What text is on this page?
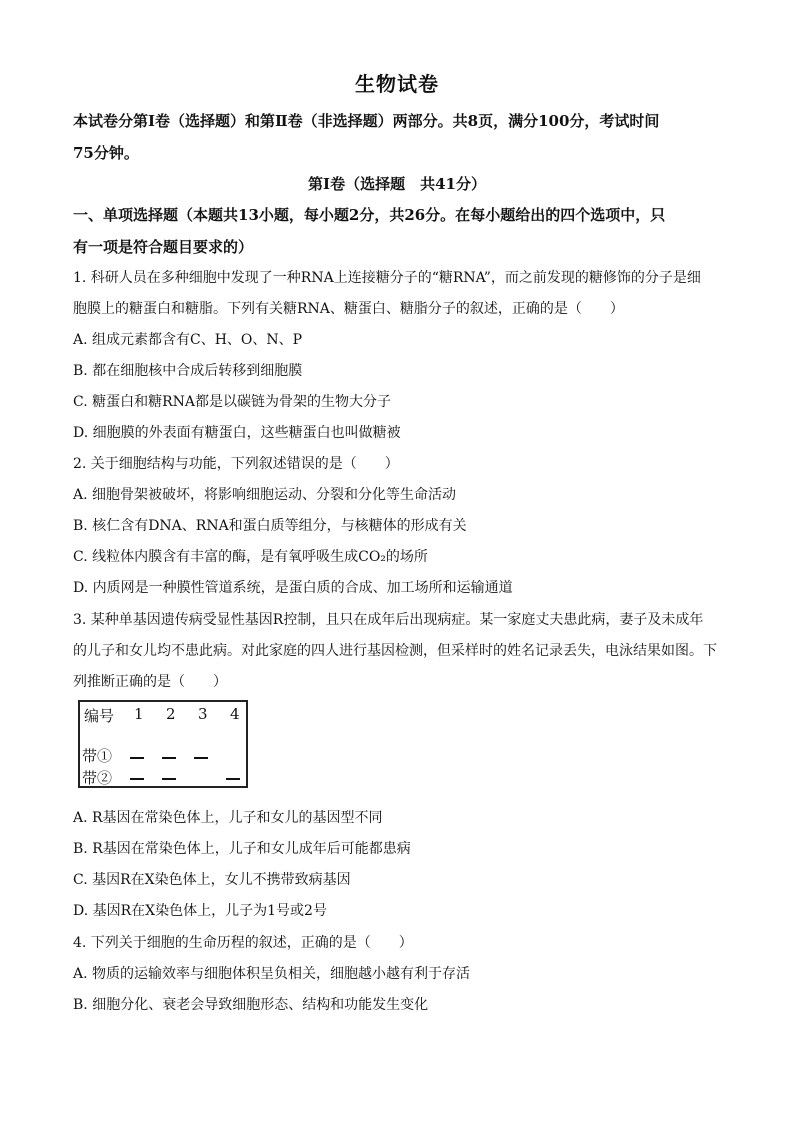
生物试卷
本试卷分第Ⅰ卷（选择题）和第Ⅱ卷（非选择题）两部分。共8页，满分100分，考试时间
75分钟。
第Ⅰ卷（选择题　共41分）
一、单项选择题（本题共13小题，每小题2分，共26分。在每小题给出的四个选项中，只
有一项是符合题目要求的）
1. 科研人员在多种细胞中发现了一种RNA上连接糖分子的“糖RNA”，而之前发现的糖修饰的分子是细
胞膜上的糖蛋白和糖脂。下列有关糖RNA、糖蛋白、糖脂分子的叙述，正确的是（　　）
A. 组成元素都含有C、H、O、N、P
B. 都在细胞核中合成后转移到细胞膜
C. 糖蛋白和糖RNA都是以碳链为骨架的生物大分子
D. 细胞膜的外表面有糖蛋白，这些糖蛋白也叫做糖被
2. 关于细胞结构与功能，下列叙述错误的是（　　）
A. 细胞骨架被破坏，将影响细胞运动、分裂和分化等生命活动
B. 核仁含有DNA、RNA和蛋白质等组分，与核糖体的形成有关
C. 线粒体内膜含有丰富的酶，是有氧呼吸生成CO₂的场所
D. 内质网是一种膜性管道系统，是蛋白质的合成、加工场所和运输通道
3. 某种单基因遗传病受显性基因R控制，且只在成年后出现病症。某一家庭丈夫患此病，妻子及未成年
的儿子和女儿均不患此病。对此家庭的四人进行基因检测，但采样时的姓名记录丢失，电泳结果如图。下
列推断正确的是（　　）
编号 1 2 3 4
带①
带②
A. R基因在常染色体上，儿子和女儿的基因型不同
B. R基因在常染色体上，儿子和女儿成年后可能都患病
C. 基因R在X染色体上，女儿不携带致病基因
D. 基因R在X染色体上，儿子为1号或2号
4. 下列关于细胞的生命历程的叙述，正确的是（　　）
A. 物质的运输效率与细胞体积呈负相关，细胞越小越有利于存活
B. 细胞分化、衰老会导致细胞形态、结构和功能发生变化
